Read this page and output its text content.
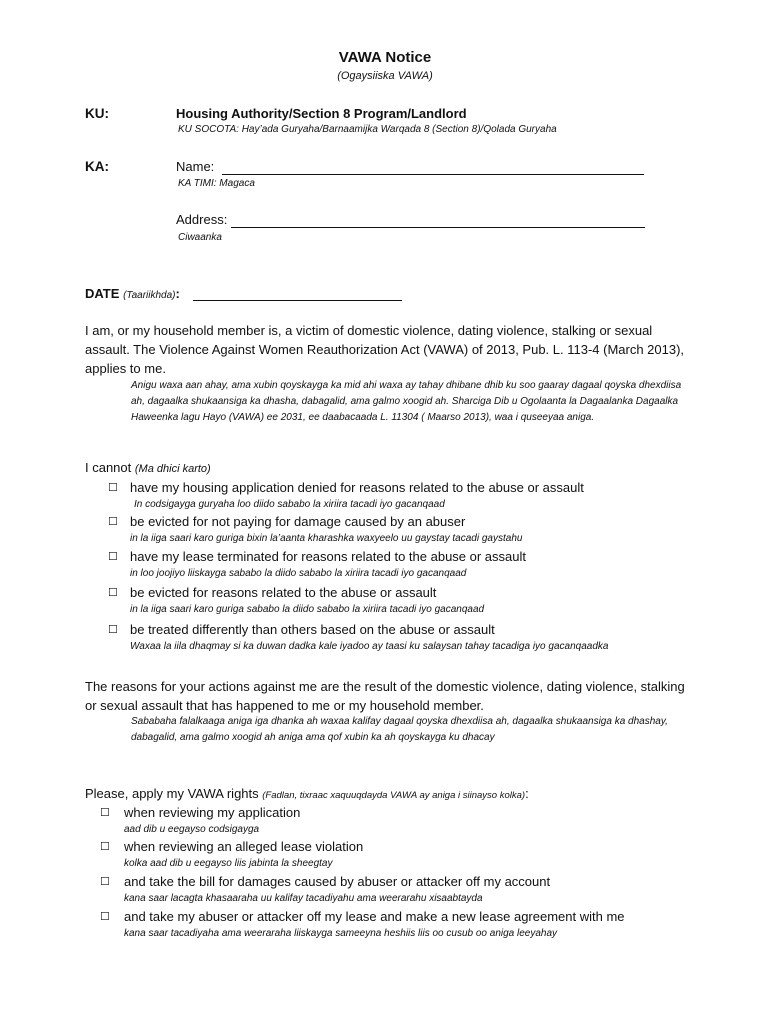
VAWA Notice
(Ogaysiiska VAWA)
KU:	Housing Authority/Section 8 Program/Landlord
KU SOCOTA: Hay’ada Guryaha/Barnaamijka Warqada 8 (Section 8)/Qolada Guryaha
KA:	Name:
KA TIMI: Magaca
Address:
Ciwaanka
DATE (Taariikhda):
I am, or my household member is, a victim of domestic violence, dating violence, stalking or sexual assault. The Violence Against Women Reauthorization Act (VAWA) of 2013, Pub. L. 113-4 (March 2013), applies to me.
Anigu waxa aan ahay, ama xubin qoyskayga ka mid ahi waxa ay tahay dhibane dhib ku soo gaaray dagaal qoyska dhexdiisa ah, dagaalka shukaansiga ka dhasha, dabagalid, ama galmo xoogid ah. Sharciga Dib u Ogolaanta la Dagaalanka Dagaalka Haweenka lagu Hayo (VAWA) ee 2031, ee daabacaada L. 11304 ( Maarso 2013), waa i quseeyaa aniga.
I cannot (Ma dhici karto)
☐ have my housing application denied for reasons related to the abuse or assault
In codsigayga guryaha loo diido sababo la xiriira tacadi iyo gacanqaad
☐ be evicted for not paying for damage caused by an abuser
in la iiga saari karo guriga bixin la’aanta kharashka waxyeelo uu gaystay tacadi gaystahu
☐ have my lease terminated for reasons related to the abuse or assault
in loo joojiyo liiskayga sababo la diido sababo la xiriira tacadi iyo gacanqaad
☐ be evicted for reasons related to the abuse or assault
in la iiga saari karo guriga sababo la diido sababo la xiriira tacadi iyo gacanqaad
☐ be treated differently than others based on the abuse or assault
Waxaa la iila dhaqmay si ka duwan dadka kale iyadoo ay taasi ku salaysan tahay tacadiga iyo gacanqaadka
The reasons for your actions against me are the result of the domestic violence, dating violence, stalking or sexual assault that has happened to me or my household member.
Sababaha falalkaaga aniga iga dhanka ah waxaa kalifay dagaal qoyska dhexdiisa ah, dagaalka shukaansiga ka dhashay, dabagalid, ama galmo xoogid ah aniga ama qof xubin ka ah qoyskayga ku dhacay
Please, apply my VAWA rights (Fadlan, tixraac xaquuqdayda VAWA ay aniga i siinayso kolka):
☐ when reviewing my application
aad dib u eegayso codsigayga
☐ when reviewing an alleged lease violation
kolka aad dib u eegayso liis jabinta la sheegtay
☐ and take the bill for damages caused by abuser or attacker off my account
kana saar lacagta khasaaraha uu kalifay tacadiyahu ama weerarahu xisaabtayda
☐ and take my abuser or attacker off my lease and make a new lease agreement with me
kana saar tacadiyaha ama weeraraha liiskayga sameeyna heshiis liis oo cusub oo aniga leeyahay
